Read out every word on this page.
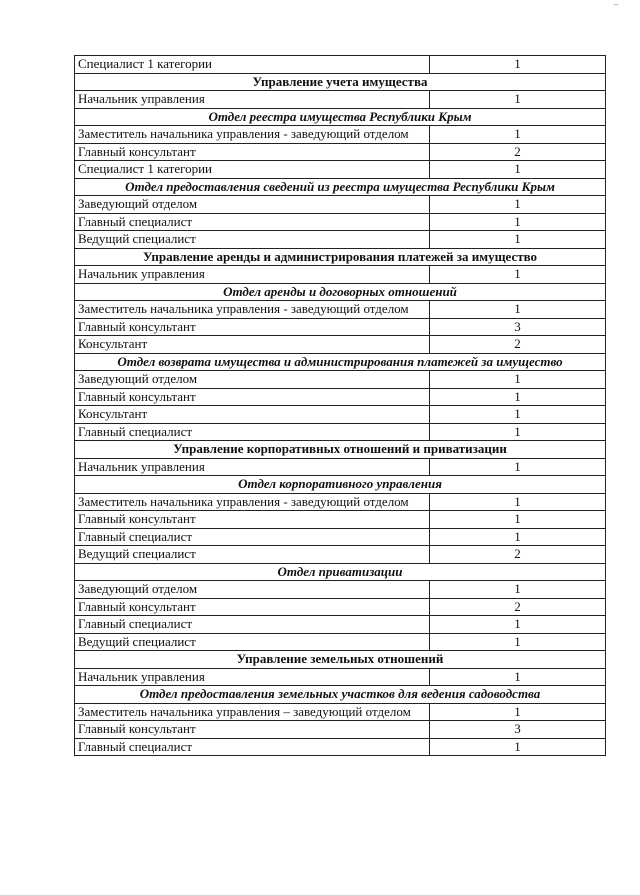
Специалист 1 категории	1
Управление учета имущества	
Начальник управления	1
Отдел реестра имущества Республики Крым	
Заместитель начальника управления - заведующий отделом	1
Главный консультант	2
Специалист 1 категории	1
Отдел предоставления сведений из реестра имущества Республики Крым	
Заведующий отделом	1
Главный специалист	1
Ведущий специалист	1
Управление аренды и администрирования платежей за имущество	
Начальник управления	1
Отдел аренды и договорных отношений	
Заместитель начальника управления - заведующий отделом	1
Главный консультант	3
Консультант	2
Отдел возврата имущества и администрирования платежей за имущество	
Заведующий отделом	1
Главный консультант	1
Консультант	1
Главный специалист	1
Управление корпоративных отношений и приватизации	
Начальник управления	1
Отдел корпоративного управления	
Заместитель начальника управления - заведующий отделом	1
Главный консультант	1
Главный специалист	1
Ведущий специалист	2
Отдел приватизации	
Заведующий отделом	1
Главный консультант	2
Главный специалист	1
Ведущий специалист	1
Управление земельных отношений	
Начальник управления	1
Отдел предоставления земельных участков для ведения садоводства	
Заместитель начальника управления – заведующий отделом	1
Главный консультант	3
Главный специалист	1
